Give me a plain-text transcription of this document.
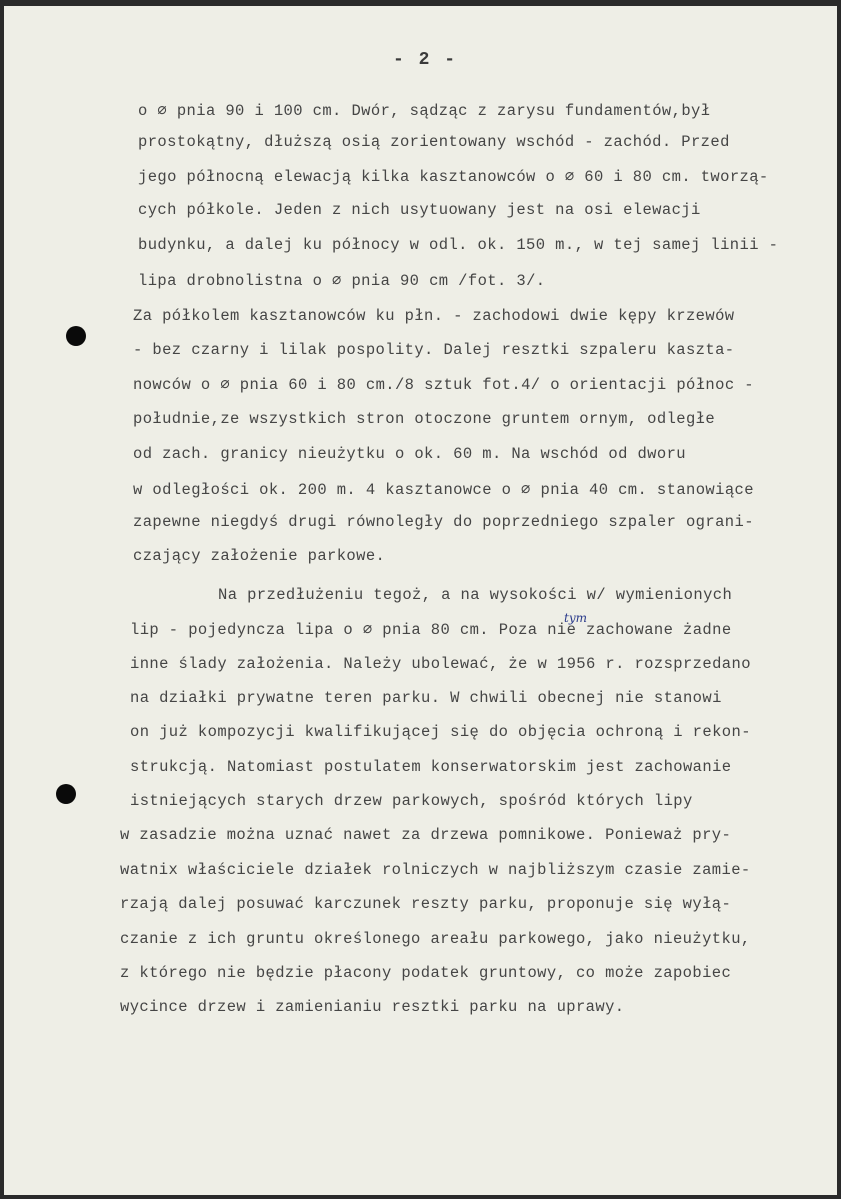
- 2 -
o ∅ pnia 90 i 100 cm. Dwór, sądząc z zarysu fundamentów,był
prostokątny, dłuższą osią zorientowany wschód - zachód. Przed
jego północną elewacją kilka kasztanowców o ∅ 60 i 80 cm. tworzą-
cych półkole. Jeden z nich usytuowany jest na osi elewacji
budynku, a dalej ku północy w odl. ok. 150 m., w tej samej linii -
lipa drobnolistna o ∅ pnia 90 cm /fot. 3/.
Za półkolem kasztanowców ku płn. - zachodowi dwie kępy krzewów
- bez czarny i lilak pospolity. Dalej resztki szpaleru kaszta-
nowców o ∅ pnia 60 i 80 cm./8 sztuk fot.4/ o orientacji północ -
południe,ze wszystkich stron otoczone gruntem ornym, odległe
od zach. granicy nieużytku o ok. 60 m. Na wschód od dworu
w odległości ok. 200 m. 4 kasztanowce o ∅ pnia 40 cm. stanowiące
zapewne niegdyś drugi równoległy do poprzedniego szpaler ograni-
czający założenie parkowe.
Na przedłużeniu tegoż, a na wysokości w/ wymienionych
lip - pojedyncza lipa o ∅ pnia 80 cm. Poza nie zachowane żadne
inne ślady założenia. Należy ubolewać, że w 1956 r. rozsprzedano
na działki prywatne teren parku. W chwili obecnej nie stanowi
on już kompozycji kwalifikującej się do objęcia ochroną i rekon-
strukcją. Natomiast postulatem konserwatorskim jest zachowanie
istniejących starych drzew parkowych, spośród których lipy
w zasadzie można uznać nawet za drzewa pomnikowe. Ponieważ pry-
watnix właściciele działek rolniczych w najbliższym czasie zamie-
rzają dalej posuwać karczunek reszty parku, proponuje się wyłą-
czanie z ich gruntu określonego areału parkowego, jako nieużytku,
z którego nie będzie płacony podatek gruntowy, co może zapobiec
wycince drzew i zamienianiu resztki parku na uprawy.
tym
